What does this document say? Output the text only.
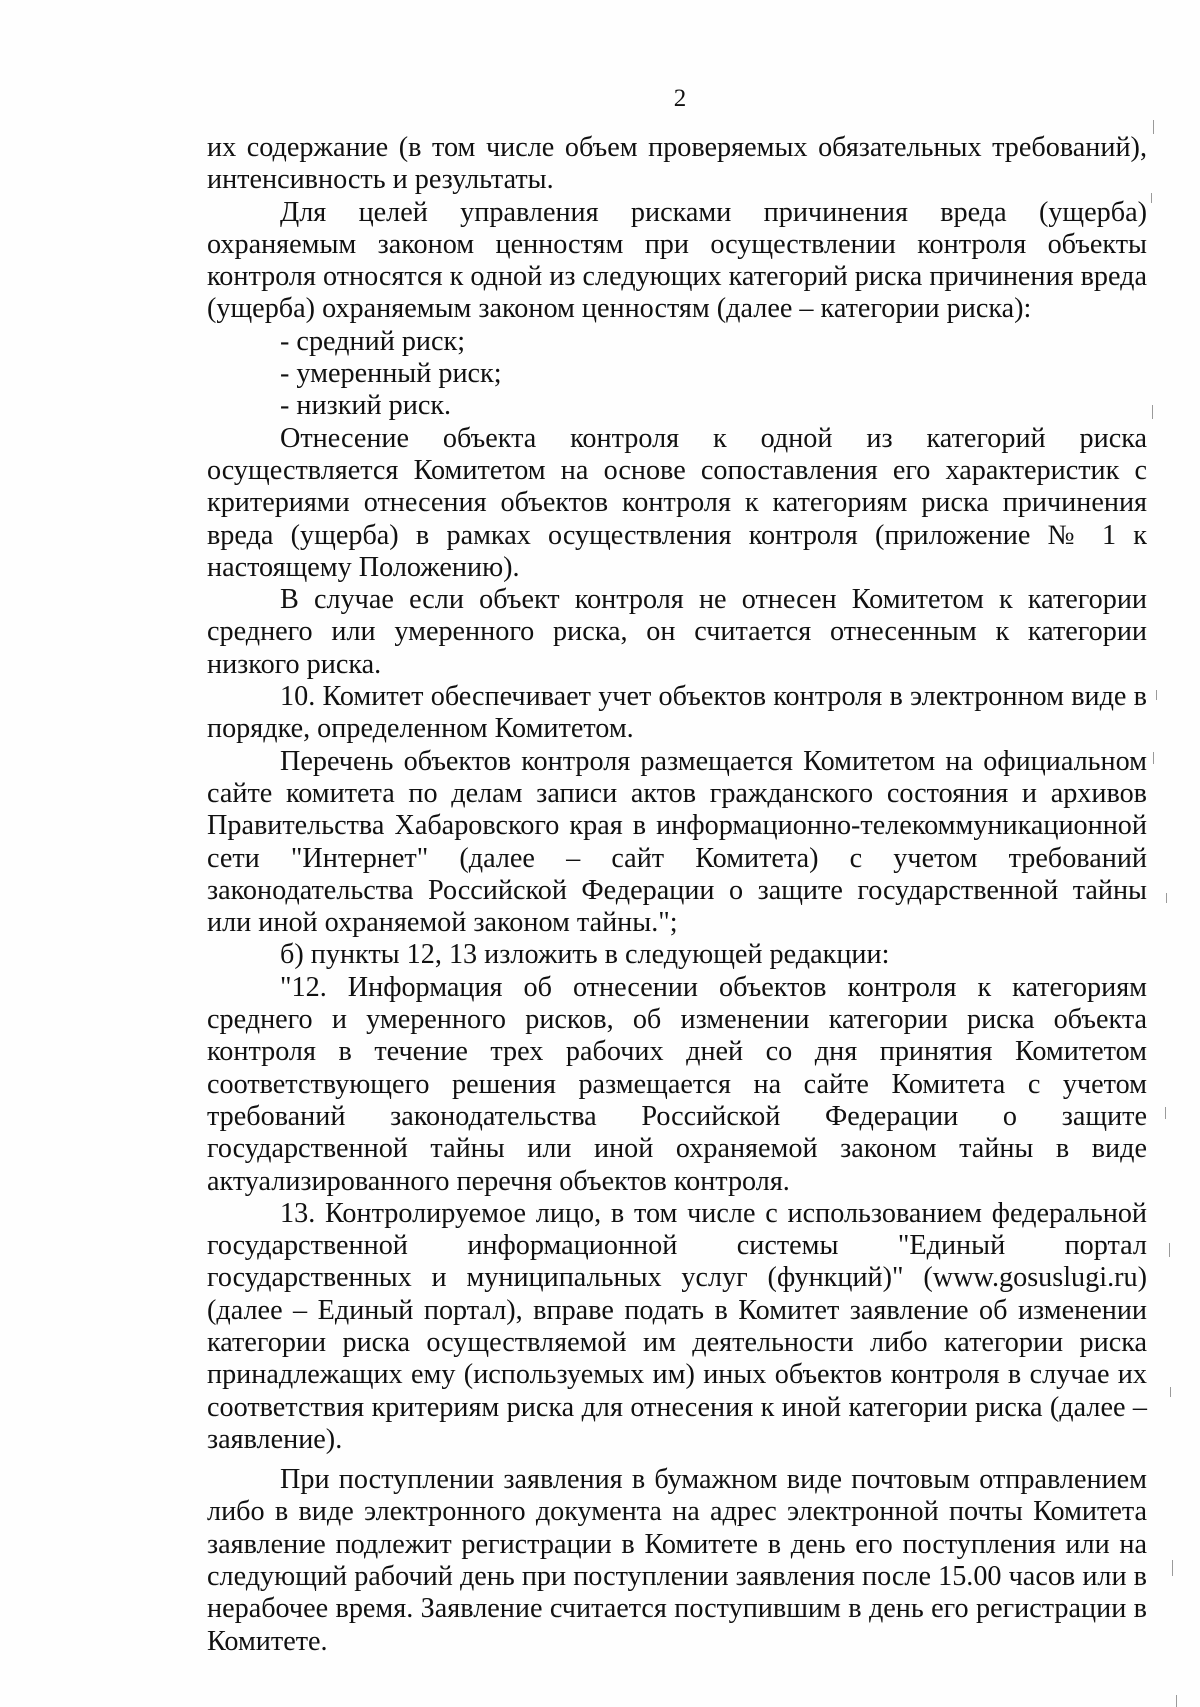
2

их содержание (в том числе объем проверяемых обязательных требований), интенсивность и результаты.

Для целей управления рисками причинения вреда (ущерба) охраняемым законом ценностям при осуществлении контроля объекты контроля относятся к одной из следующих категорий риска причинения вреда (ущерба) охраняемым законом ценностям (далее – категории риска):

- средний риск;

- умеренный риск;

- низкий риск.

Отнесение объекта контроля к одной из категорий риска осуществляется Комитетом на основе сопоставления его характеристик с критериями отнесения объектов контроля к категориям риска причинения вреда (ущерба) в рамках осуществления контроля (приложение № 1 к настоящему Положению).

В случае если объект контроля не отнесен Комитетом к категории среднего или умеренного риска, он считается отнесенным к категории низкого риска.

10. Комитет обеспечивает учет объектов контроля в электронном виде в порядке, определенном Комитетом.

Перечень объектов контроля размещается Комитетом на официальном сайте комитета по делам записи актов гражданского состояния и архивов Правительства Хабаровского края в информационно-телекоммуникационной сети "Интернет" (далее – сайт Комитета) с учетом требований законодательства Российской Федерации о защите государственной тайны или иной охраняемой законом тайны.";

б) пункты 12, 13 изложить в следующей редакции:

"12. Информация об отнесении объектов контроля к категориям среднего и умеренного рисков, об изменении категории риска объекта контроля в течение трех рабочих дней со дня принятия Комитетом соответствующего решения размещается на сайте Комитета с учетом требований законодательства Российской Федерации о защите государственной тайны или иной охраняемой законом тайны в виде актуализированного перечня объектов контроля.

13. Контролируемое лицо, в том числе с использованием федеральной государственной информационной системы "Единый портал государственных и муниципальных услуг (функций)" (www.gosuslugi.ru) (далее – Единый портал), вправе подать в Комитет заявление об изменении категории риска осуществляемой им деятельности либо категории риска принадлежащих ему (используемых им) иных объектов контроля в случае их соответствия критериям риска для отнесения к иной категории риска (далее – заявление).

При поступлении заявления в бумажном виде почтовым отправлением либо в виде электронного документа на адрес электронной почты Комитета заявление подлежит регистрации в Комитете в день его поступления или на следующий рабочий день при поступлении заявления после 15.00 часов или в нерабочее время. Заявление считается поступившим в день его регистрации в Комитете.
